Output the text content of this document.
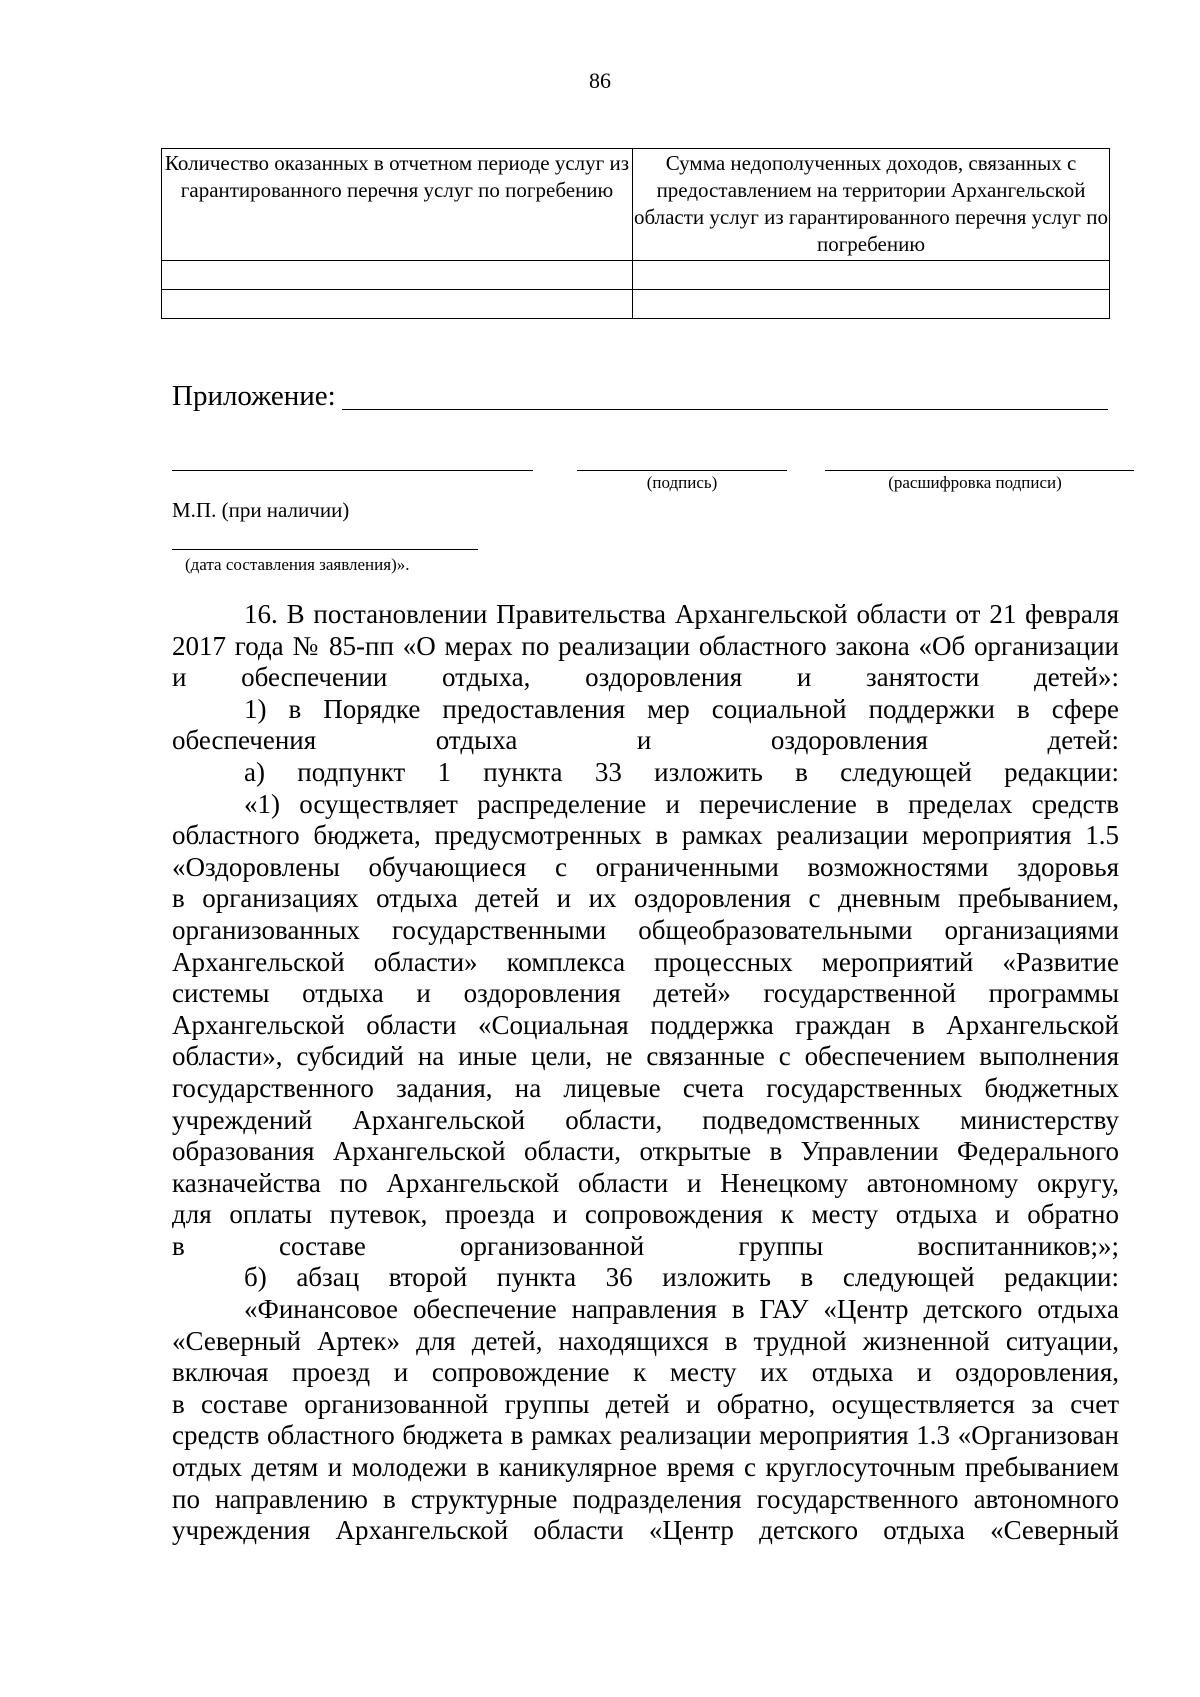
86
Количество оказанных в отчетном периоде услуг из гарантированного перечня услуг по погребению	Сумма недополученных доходов, связанных с предоставлением на территории Архангельской области услуг из гарантированного перечня услуг по погребению

Приложение:
(подпись)	(расшифровка подписи)
М.П. (при наличии)
(дата составления заявления)».

16. В постановлении Правительства Архангельской области от 21 февраля

2017 года № 85-пп «О мерах по реализации областного закона «Об организации

и обеспечении отдыха, оздоровления и занятости детей»:

1) в Порядке предоставления мер социальной поддержки в сфере

обеспечения отдыха и оздоровления детей:

а) подпункт 1 пункта 33 изложить в следующей редакции:

«1) осуществляет распределение и перечисление в пределах средств

областного бюджета, предусмотренных в рамках реализации мероприятия 1.5

«Оздоровлены обучающиеся с ограниченными возможностями здоровья

в организациях отдыха детей и их оздоровления с дневным пребыванием,

организованных государственными общеобразовательными организациями

Архангельской области» комплекса процессных мероприятий «Развитие

системы отдыха и оздоровления детей» государственной программы

Архангельской области «Социальная поддержка граждан в Архангельской

области», субсидий на иные цели, не связанные с обеспечением выполнения

государственного задания, на лицевые счета государственных бюджетных

учреждений Архангельской области, подведомственных министерству

образования Архангельской области, открытые в Управлении Федерального

казначейства по Архангельской области и Ненецкому автономному округу,

для оплаты путевок, проезда и сопровождения к месту отдыха и обратно

в составе организованной группы воспитанников;»;

б) абзац второй пункта 36 изложить в следующей редакции:

«Финансовое обеспечение направления в ГАУ «Центр детского отдыха

«Северный Артек» для детей, находящихся в трудной жизненной ситуации,

включая проезд и сопровождение к месту их отдыха и оздоровления,

в составе организованной группы детей и обратно, осуществляется за счет

средств областного бюджета в рамках реализации мероприятия 1.3 «Организован

отдых детям и молодежи в каникулярное время с круглосуточным пребыванием

по направлению в структурные подразделения государственного автономного

учреждения Архангельской области «Центр детского отдыха «Северный
